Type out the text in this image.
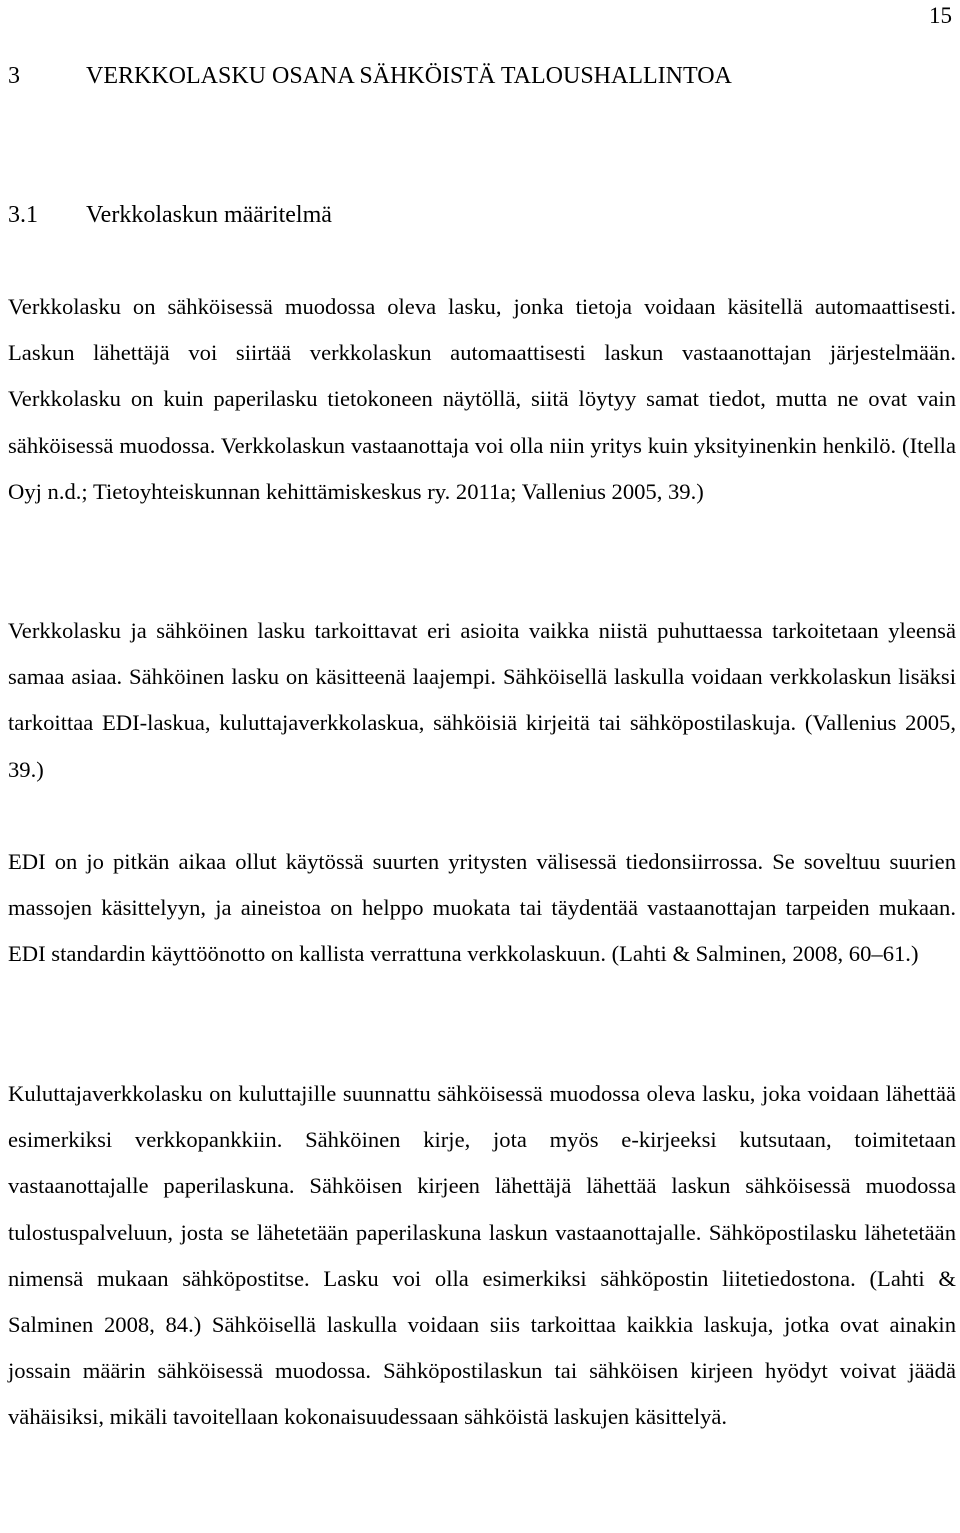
15
3	VERKKOLASKU OSANA SÄHKÖISTÄ TALOUSHALLINTOA
3.1 Verkkolaskun määritelmä

Verkkolasku on sähköisessä muodossa oleva lasku, jonka tietoja voidaan käsitellä automaattisesti. Laskun lähettäjä voi siirtää verkkolaskun automaattisesti laskun vastaanottajan järjestelmään. Verkkolasku on kuin paperilasku tietokoneen näytöllä, siitä löytyy samat tiedot, mutta ne ovat vain sähköisessä muodossa. Verkkolaskun vastaanottaja voi olla niin yritys kuin yksityinenkin henkilö. (Itella Oyj n.d.; Tietoyhteiskunnan kehittämiskeskus ry. 2011a; Vallenius 2005, 39.)

Verkkolasku ja sähköinen lasku tarkoittavat eri asioita vaikka niistä puhuttaessa tarkoitetaan yleensä samaa asiaa. Sähköinen lasku on käsitteenä laajempi. Sähköisellä laskulla voidaan verkkolaskun lisäksi tarkoittaa EDI-laskua, kuluttajaverkkolaskua, sähköisiä kirjeitä tai sähköpostilaskuja. (Vallenius 2005, 39.)

EDI on jo pitkän aikaa ollut käytössä suurten yritysten välisessä tiedonsiirrossa. Se soveltuu suurien massojen käsittelyyn, ja aineistoa on helppo muokata tai täydentää vastaanottajan tarpeiden mukaan. EDI standardin käyttöönotto on kallista verrattuna verkkolaskuun. (Lahti & Salminen, 2008, 60–61.)

Kuluttajaverkkolasku on kuluttajille suunnattu sähköisessä muodossa oleva lasku, joka voidaan lähettää esimerkiksi verkkopankkiin. Sähköinen kirje, jota myös e-kirjeeksi kutsutaan, toimitetaan vastaanottajalle paperilaskuna. Sähköisen kirjeen lähettäjä lähettää laskun sähköisessä muodossa tulostuspalveluun, josta se lähetetään paperilaskuna laskun vastaanottajalle. Sähköpostilasku lähetetään nimensä mukaan sähköpostitse. Lasku voi olla esimerkiksi sähköpostin liitetiedostona. (Lahti & Salminen 2008, 84.) Sähköisellä laskulla voidaan siis tarkoittaa kaikkia laskuja, jotka ovat ainakin jossain määrin sähköisessä muodossa. Sähköpostilaskun tai sähköisen kirjeen hyödyt voivat jäädä vähäisiksi, mikäli tavoitellaan kokonaisuudessaan sähköistä laskujen käsittelyä.
